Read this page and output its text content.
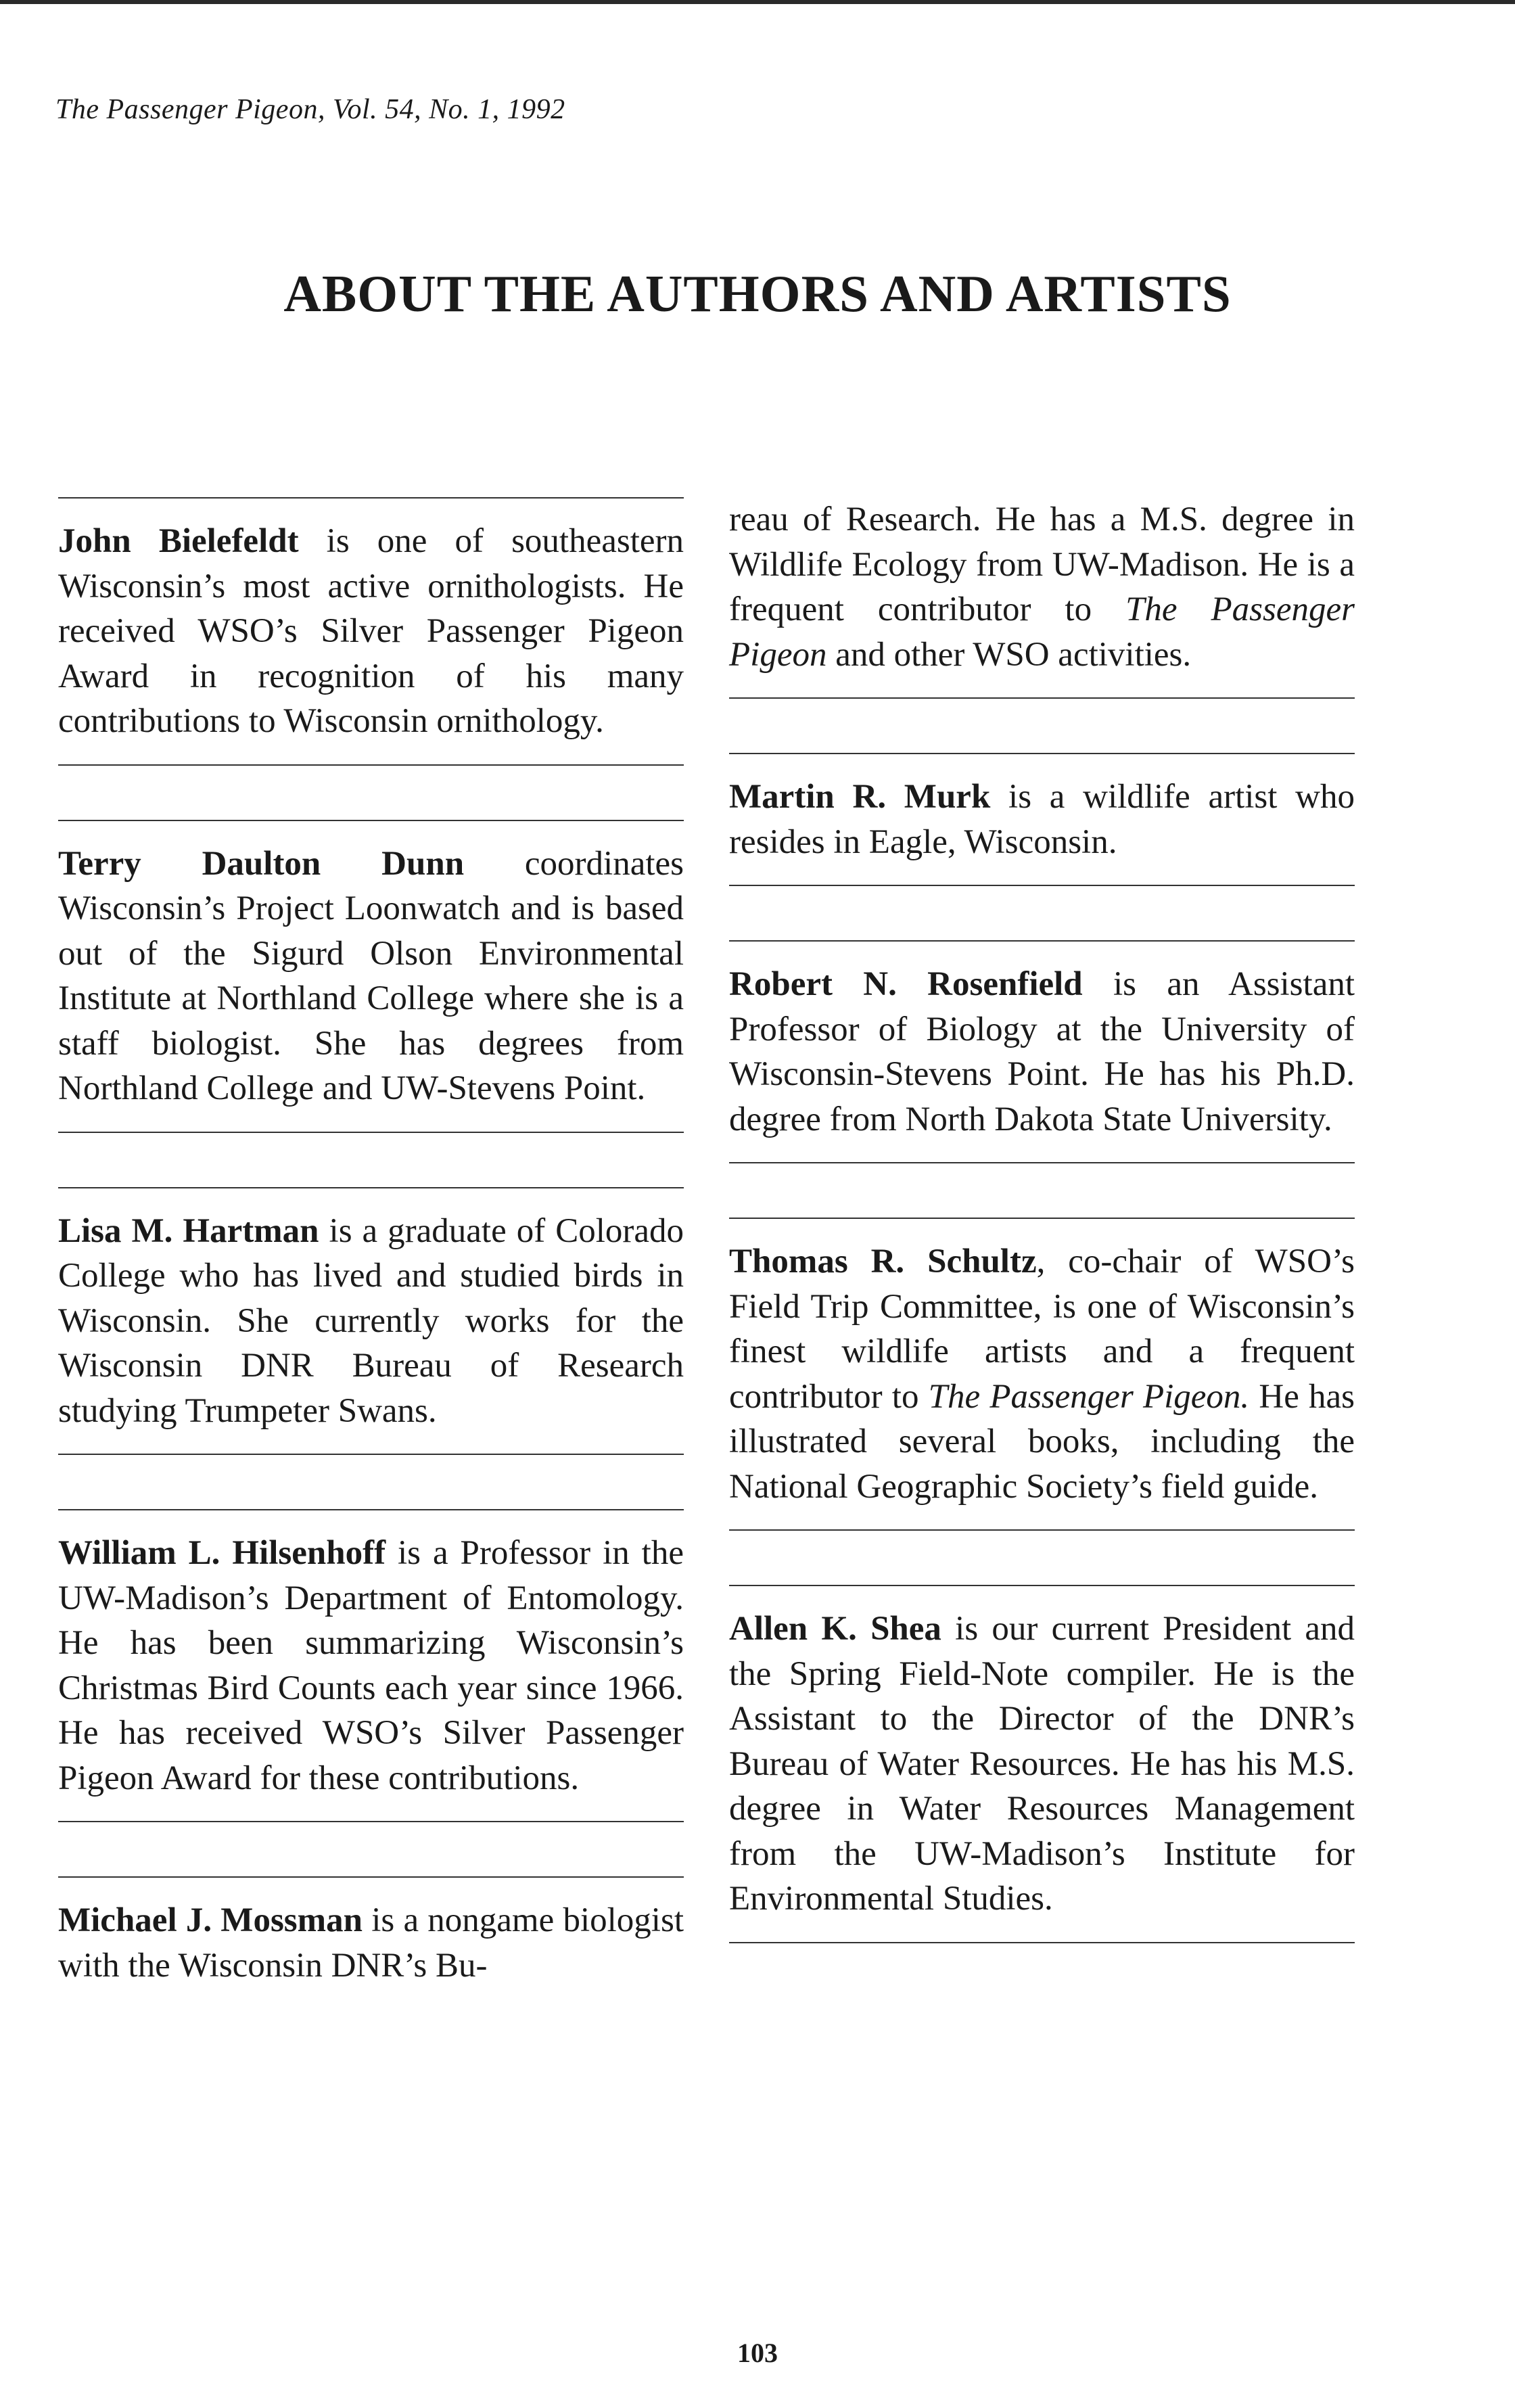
The Passenger Pigeon, Vol. 54, No. 1, 1992
ABOUT THE AUTHORS AND ARTISTS

John Bielefeldt is one of southeastern Wisconsin’s most active ornithologists. He received WSO’s Silver Passenger Pigeon Award in recognition of his many contributions to Wisconsin ornithology.

Terry Daulton Dunn coordinates Wisconsin’s Project Loonwatch and is based out of the Sigurd Olson Environmental Institute at Northland College where she is a staff biologist. She has degrees from Northland College and UW-Stevens Point.

Lisa M. Hartman is a graduate of Colorado College who has lived and studied birds in Wisconsin. She currently works for the Wisconsin DNR Bureau of Research studying Trumpeter Swans.

William L. Hilsenhoff is a Professor in the UW-Madison’s Department of Entomology. He has been summarizing Wisconsin’s Christmas Bird Counts each year since 1966. He has received WSO’s Silver Passenger Pigeon Award for these contributions.

Michael J. Mossman is a nongame biologist with the Wisconsin DNR’s Bu-

reau of Research. He has a M.S. degree in Wildlife Ecology from UW-Madison. He is a frequent contributor to The Passenger Pigeon and other WSO activities.

Martin R. Murk is a wildlife artist who resides in Eagle, Wisconsin.

Robert N. Rosenfield is an Assistant Professor of Biology at the University of Wisconsin-Stevens Point. He has his Ph.D. degree from North Dakota State University.

Thomas R. Schultz, co-chair of WSO’s Field Trip Committee, is one of Wisconsin’s finest wildlife artists and a frequent contributor to The Passenger Pigeon. He has illustrated several books, including the National Geographic Society’s field guide.

Allen K. Shea is our current President and the Spring Field-Note compiler. He is the Assistant to the Director of the DNR’s Bureau of Water Resources. He has his M.S. degree in Water Resources Management from the UW-Madison’s Institute for Environmental Studies.

103
